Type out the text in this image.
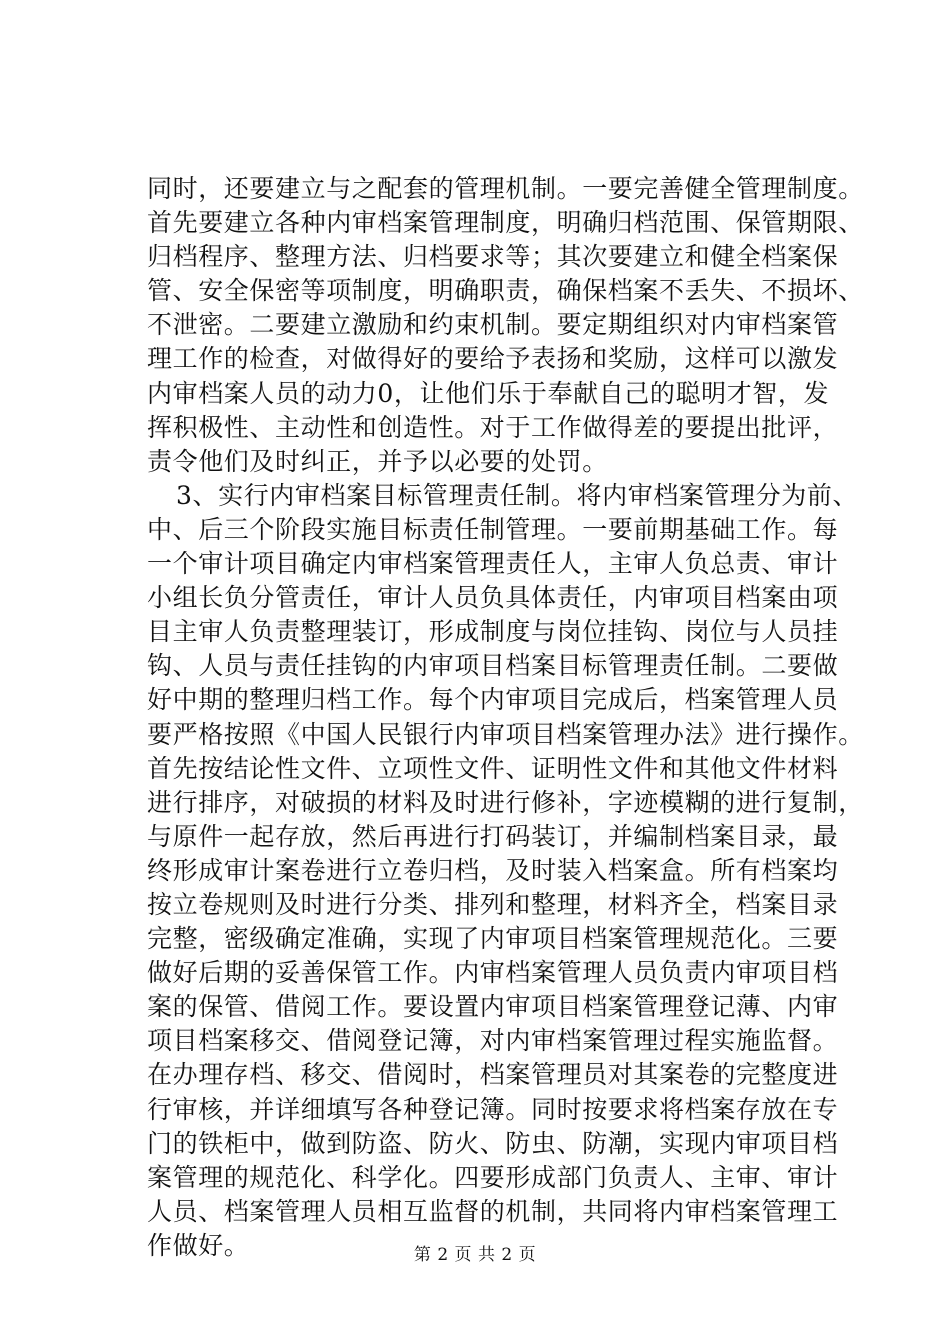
同时，还要建立与之配套的管理机制。一要完善健全管理制度。
首先要建立各种内审档案管理制度，明确归档范围、保管期限、
归档程序、整理方法、归档要求等；其次要建立和健全档案保
管、安全保密等项制度，明确职责，确保档案不丢失、不损坏、
不泄密。二要建立激励和约束机制。要定期组织对内审档案管
理工作的检查，对做得好的要给予表扬和奖励，这样可以激发
内审档案人员的动力0，让他们乐于奉献自己的聪明才智，发
挥积极性、主动性和创造性。对于工作做得差的要提出批评，
责令他们及时纠正，并予以必要的处罚。
3、实行内审档案目标管理责任制。将内审档案管理分为前、
中、后三个阶段实施目标责任制管理。一要前期基础工作。每
一个审计项目确定内审档案管理责任人，主审人负总责、审计
小组长负分管责任，审计人员负具体责任，内审项目档案由项
目主审人负责整理装订，形成制度与岗位挂钩、岗位与人员挂
钩、人员与责任挂钩的内审项目档案目标管理责任制。二要做
好中期的整理归档工作。每个内审项目完成后，档案管理人员
要严格按照《中国人民银行内审项目档案管理办法》进行操作。
首先按结论性文件、立项性文件、证明性文件和其他文件材料
进行排序，对破损的材料及时进行修补，字迹模糊的进行复制，
与原件一起存放，然后再进行打码装订，并编制档案目录，最
终形成审计案卷进行立卷归档，及时装入档案盒。所有档案均
按立卷规则及时进行分类、排列和整理，材料齐全，档案目录
完整，密级确定准确，实现了内审项目档案管理规范化。三要
做好后期的妥善保管工作。内审档案管理人员负责内审项目档
案的保管、借阅工作。要设置内审项目档案管理登记薄、内审
项目档案移交、借阅登记簿，对内审档案管理过程实施监督。
在办理存档、移交、借阅时，档案管理员对其案卷的完整度进
行审核，并详细填写各种登记簿。同时按要求将档案存放在专
门的铁柜中，做到防盗、防火、防虫、防潮，实现内审项目档
案管理的规范化、科学化。四要形成部门负责人、主审、审计
人员、档案管理人员相互监督的机制，共同将内审档案管理工
作做好。	第 2 页 共 2 页
